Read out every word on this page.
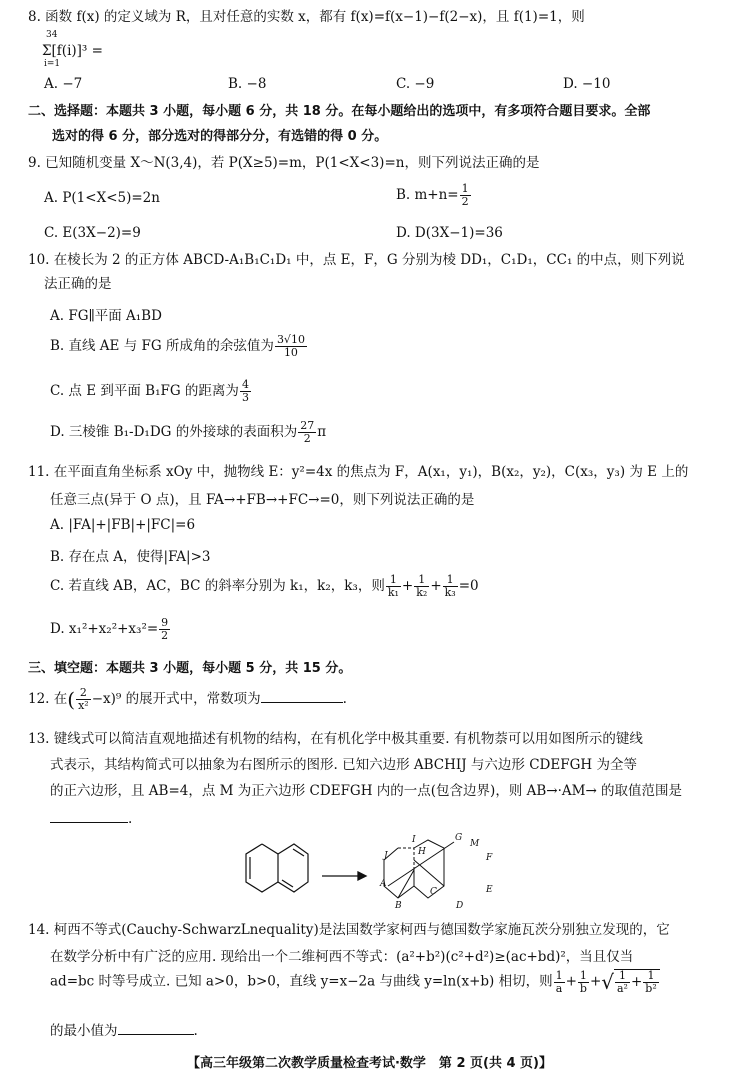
8. 函数 f(x) 的定义域为 R，且对任意的实数 x，都有 f(x)=f(x−1)−f(2−x)，且 f(1)=1，则
34
Σ[f(i)]³ =
i=1
A. −7	B. −8	C. −9	D. −10
二、选择题：本题共 3 小题，每小题 6 分，共 18 分。在每小题给出的选项中，有多项符合题目要求。全部
选对的得 6 分，部分选对的得部分分，有选错的得 0 分。
9. 已知随机变量 X～N(3,4)，若 P(X≥5)=m，P(1<X<3)=n，则下列说法正确的是
A. P(1<X<5)=2n	B. $m+n= \frac{1}{2}$
C. E(3X−2)=9	D. D(3X−1)=36
10. 在棱长为 2 的正方体 ABCD-A₁B₁C₁D₁ 中，点 E，F，G 分别为棱 DD₁，C₁D₁，CC₁ 的中点，则下列说
法正确的是
A. FG∥平面 A₁BD
B. 直线 AE 与 FG 所成角的余弦值为 $\frac{3√10}{10}$
C. 点 E 到平面 B₁FG 的距离为 $\frac{4}{3}$
D. 三棱锥 B₁-D₁DG 的外接球的表面积为 $\frac{27}{2}$ π
11. 在平面直角坐标系 xOy 中，抛物线 E：y²=4x 的焦点为 F，A(x₁，y₁)，B(x₂，y₂)，C(x₃，y₃) 为 E 上的
任意三点(异于 O 点)，且 FA→+FB→+FC→=0，则下列说法正确的是
A. |FA|+|FB|+|FC|=6
B. 存在点 A，使得|FA|>3
C. 若直线 AB，AC，BC 的斜率分别为 k₁，k₂，k₃，则 $\frac{1}{\text{k₁}} + \frac{1}{\text{k₂}} + \frac{1}{\text{k₃}} =0$
D. $x_1^2+x_2^2+x_3^2= \frac{9}{2}$
三、填空题：本题共 3 小题，每小题 5 分，共 15 分。
12. 在( $\frac{2}{\text{x²}} -x)^9$ 的展开式中，常数项为	.
13. 键线式可以简洁直观地描述有机物的结构，在有机化学中极其重要. 有机物萘可以用如图所示的键线
式表示，其结构简式可以抽象为右图所示的图形. 已知六边形 ABCHIJ 与六边形 CDEFGH 为全等
的正六边形，且 AB=4，点 M 为正六边形 CDEFGH 内的一点(包含边界)，则 AB→·AM→ 的取值范围是
.
I
J	H
G
M
F
A
B
C
D
E
14. 柯西不等式(Cauchy-SchwarzLnequality)是法国数学家柯西与德国数学家施瓦茨分别独立发现的，它
在数学分析中有广泛的应用. 现给出一个二维柯西不等式：(a²+b²)(c²+d²)≥(ac+bd)²，当且仅当
ad=bc 时等号成立. 已知 a>0，b>0，直线 y=x−2a 与曲线 y=ln(x+b) 相切，则 $\frac{1}{a} + \frac{1}{b}$ +√ $\frac{1}{\text{a²}} + \frac{1}{\text{b²}}$
的最小值为	.
【高三年级第二次教学质量检查考试·数学　第 2 页(共 4 页)】
